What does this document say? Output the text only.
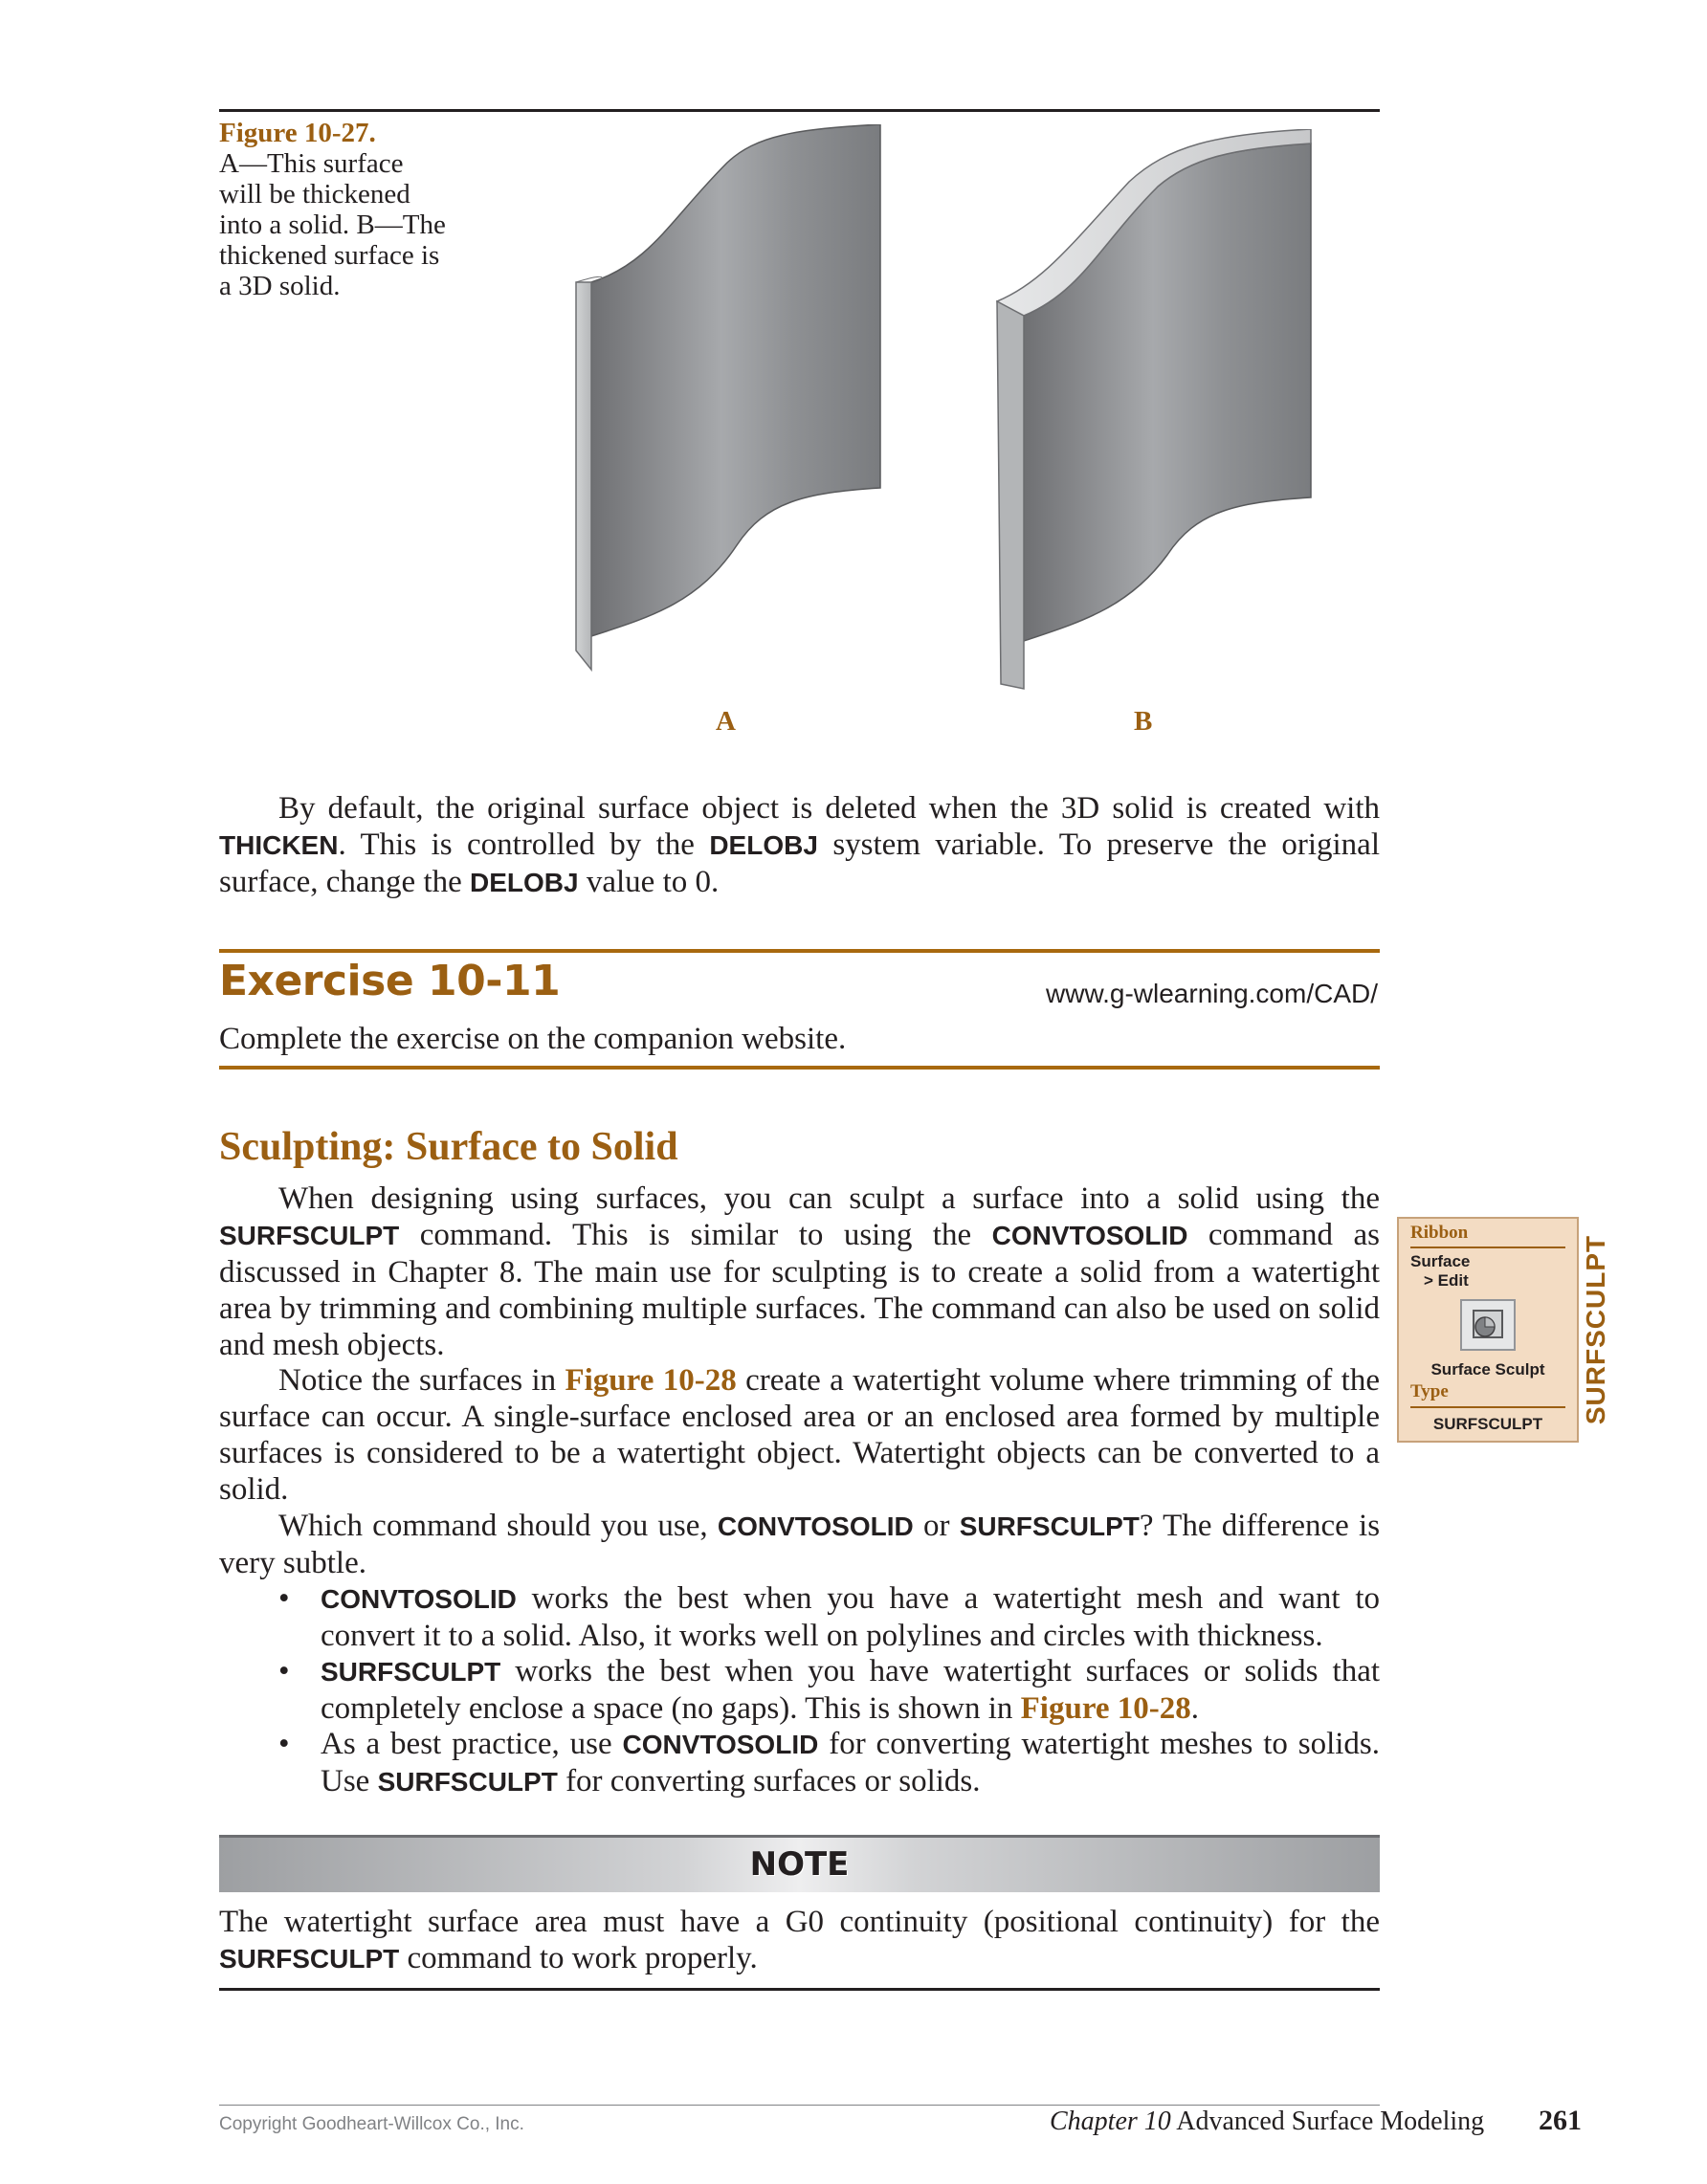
Figure 10-27.
A—This surface
will be thickened
into a solid. B—The
thickened surface is
a 3D solid.
A	B
By default, the original surface object is deleted when the 3D solid is created with THICKEN. This is controlled by the DELOBJ system variable. To preserve the original surface, change the DELOBJ value to 0.
Exercise 10-11	www.g-wlearning.com/CAD/
Complete the exercise on the companion website.
Sculpting: Surface to Solid
When designing using surfaces, you can sculpt a surface into a solid using the SURFSCULPT command. This is similar to using the CONVTOSOLID command as discussed in Chapter 8. The main use for sculpting is to create a solid from a watertight area by trimming and combining multiple surfaces. The command can also be used on solid and mesh objects.
Notice the surfaces in Figure 10-28 create a watertight volume where trimming of the surface can occur. A single-surface enclosed area or an enclosed area formed by multiple surfaces is considered to be a watertight object. Watertight objects can be converted to a solid.
Which command should you use, CONVTOSOLID or SURFSCULPT? The difference is very subtle.
• CONVTOSOLID works the best when you have a watertight mesh and want to convert it to a solid. Also, it works well on polylines and circles with thickness.
• SURFSCULPT works the best when you have watertight surfaces or solids that completely enclose a space (no gaps). This is shown in Figure 10-28.
• As a best practice, use CONVTOSOLID for converting watertight meshes to solids. Use SURFSCULPT for converting surfaces or solids.
Ribbon
Surface
> Edit
Surface Sculpt
Type
SURFSCULPT	SURFSCULPT
NOTE
The watertight surface area must have a G0 continuity (positional continuity) for the SURFSCULPT command to work properly.
Copyright Goodheart-Willcox Co., Inc.	Chapter 10 Advanced Surface Modeling 261
